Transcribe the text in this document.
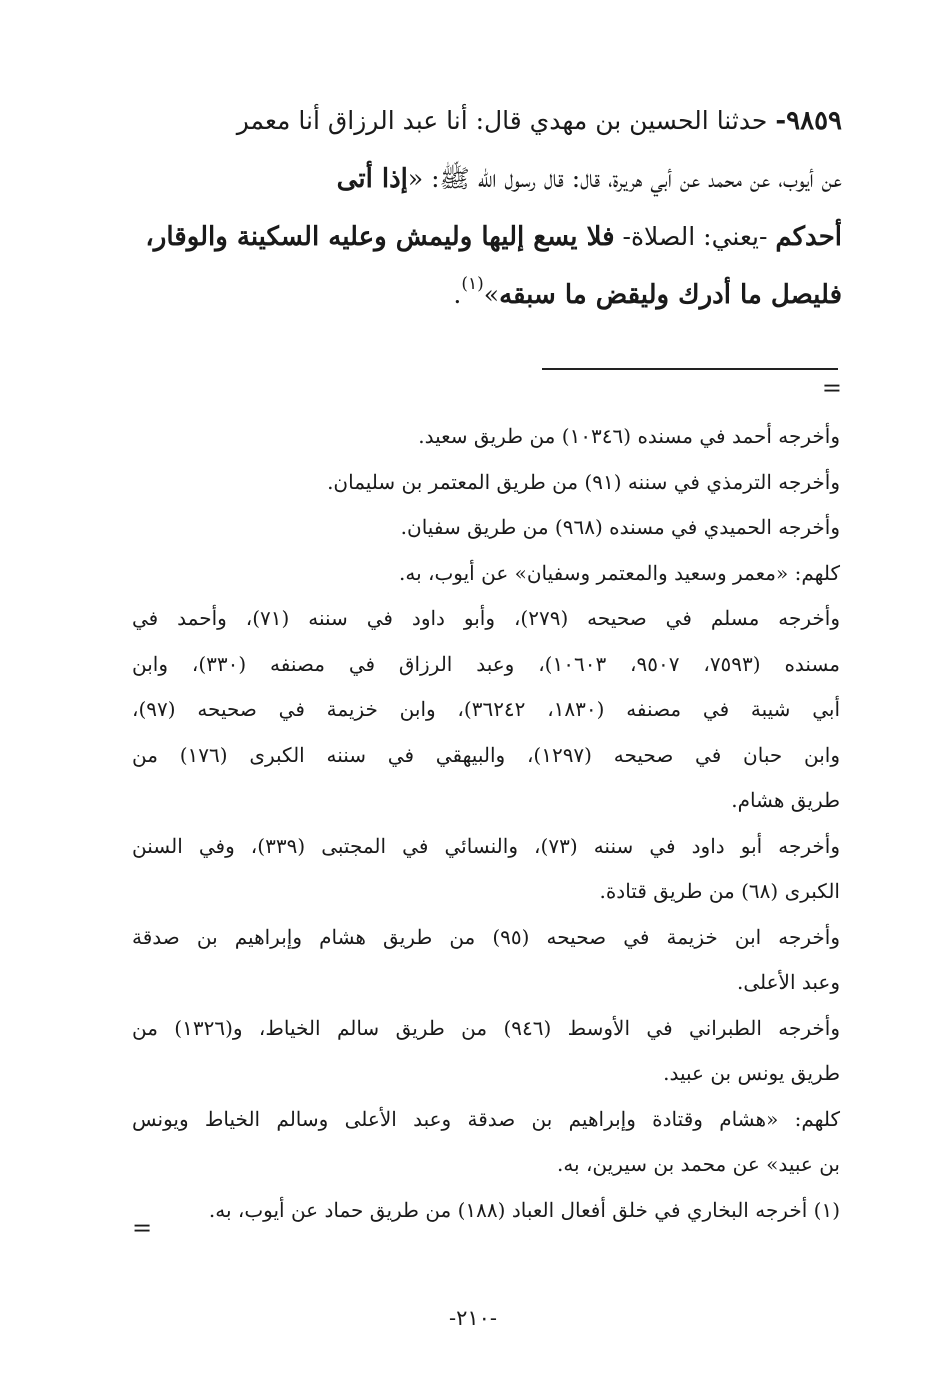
٩٨٥٩- حدثنا الحسين بن مهدي قال: أنا عبد الرزاق أنا معمر
عن أيوب، عن محمد عن أبي هريرة، قال: قال رسول الله ﷺ: «إذا أتى
أحدكم -يعني: الصلاة- فلا يسع إليها وليمش وعليه السكينة والوقار،
فليصل ما أدرك وليقض ما سبقه»$^{(١)}$.
=
وأخرجه أحمد في مسنده (١٠٣٤٦) من طريق سعيد.
وأخرجه الترمذي في سننه (٩١) من طريق المعتمر بن سليمان.
وأخرجه الحميدي في مسنده (٩٦٨) من طريق سفيان.
كلهم: «معمر وسعيد والمعتمر وسفيان» عن أيوب، به.
وأخرجه مسلم في صحيحه (٢٧٩)، وأبو داود في سننه (٧١)، وأحمد في
مسنده (٧٥٩٣، ٩٥٠٧، ١٠٦٠٣)، وعبد الرزاق في مصنفه (٣٣٠)، وابن
أبي شيبة في مصنفه (١٨٣٠، ٣٦٢٤٢)، وابن خزيمة في صحيحه (٩٧)،
وابن حبان في صحيحه (١٢٩٧)، والبيهقي في سننه الكبرى (١٧٦) من
طريق هشام.
وأخرجه أبو داود في سننه (٧٣)، والنسائي في المجتبى (٣٣٩)، وفي السنن
الكبرى (٦٨) من طريق قتادة.
وأخرجه ابن خزيمة في صحيحه (٩٥) من طريق هشام وإبراهيم بن صدقة
وعبد الأعلى.
وأخرجه الطبراني في الأوسط (٩٤٦) من طريق سالم الخياط، و(١٣٢٦) من
طريق يونس بن عبيد.
كلهم: «هشام وقتادة وإبراهيم بن صدقة وعبد الأعلى وسالم الخياط ويونس
بن عبيد» عن محمد بن سيرين، به.
(١) أخرجه البخاري في خلق أفعال العباد (١٨٨) من طريق حماد عن أيوب، به.
=
-٢١٠-
